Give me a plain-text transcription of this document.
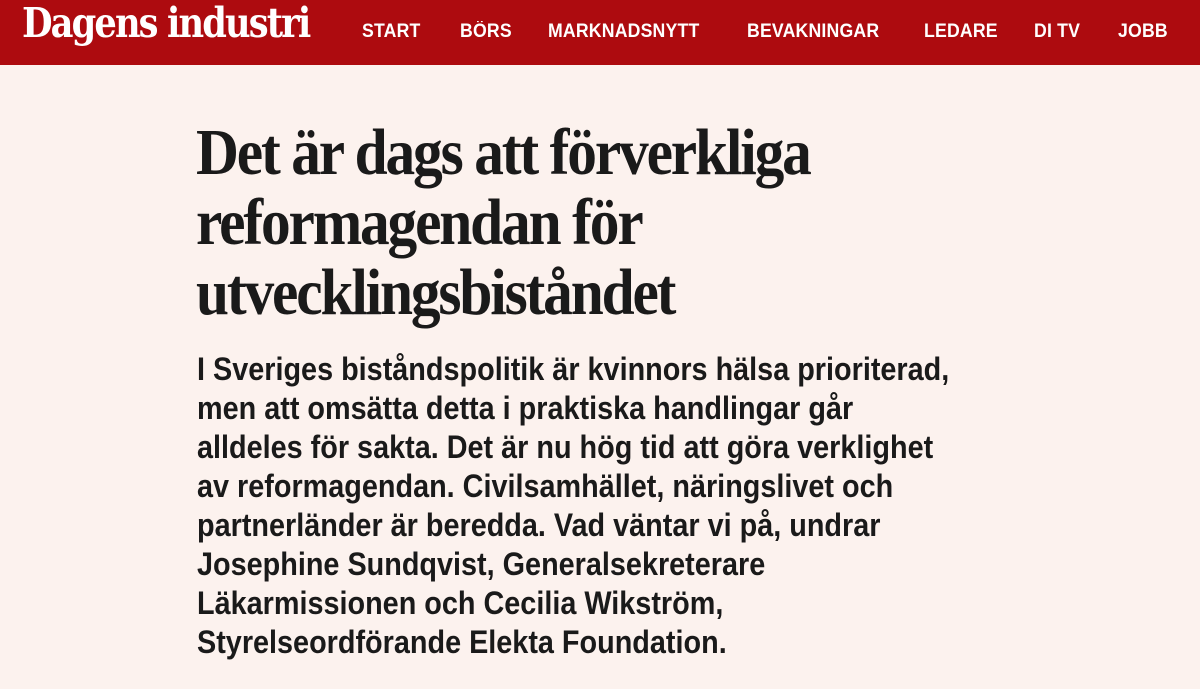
Dagens industri	START BÖRS MARKNADSNYTT	BEVAKNINGAR LEDARE DI TV JOBB
Det är dags att förverkliga reformagendan för utvecklingsbiståndet

I Sveriges biståndspolitik är kvinnors hälsa prioriterad,
men att omsätta detta i praktiska handlingar går
alldeles för sakta. Det är nu hög tid att göra verklighet
av reformagendan. Civilsamhället, näringslivet och
partnerländer är beredda. Vad väntar vi på, undrar
Josephine Sundqvist, Generalsekreterare
Läkarmissionen och Cecilia Wikström,
Styrelseordförande Elekta Foundation.
